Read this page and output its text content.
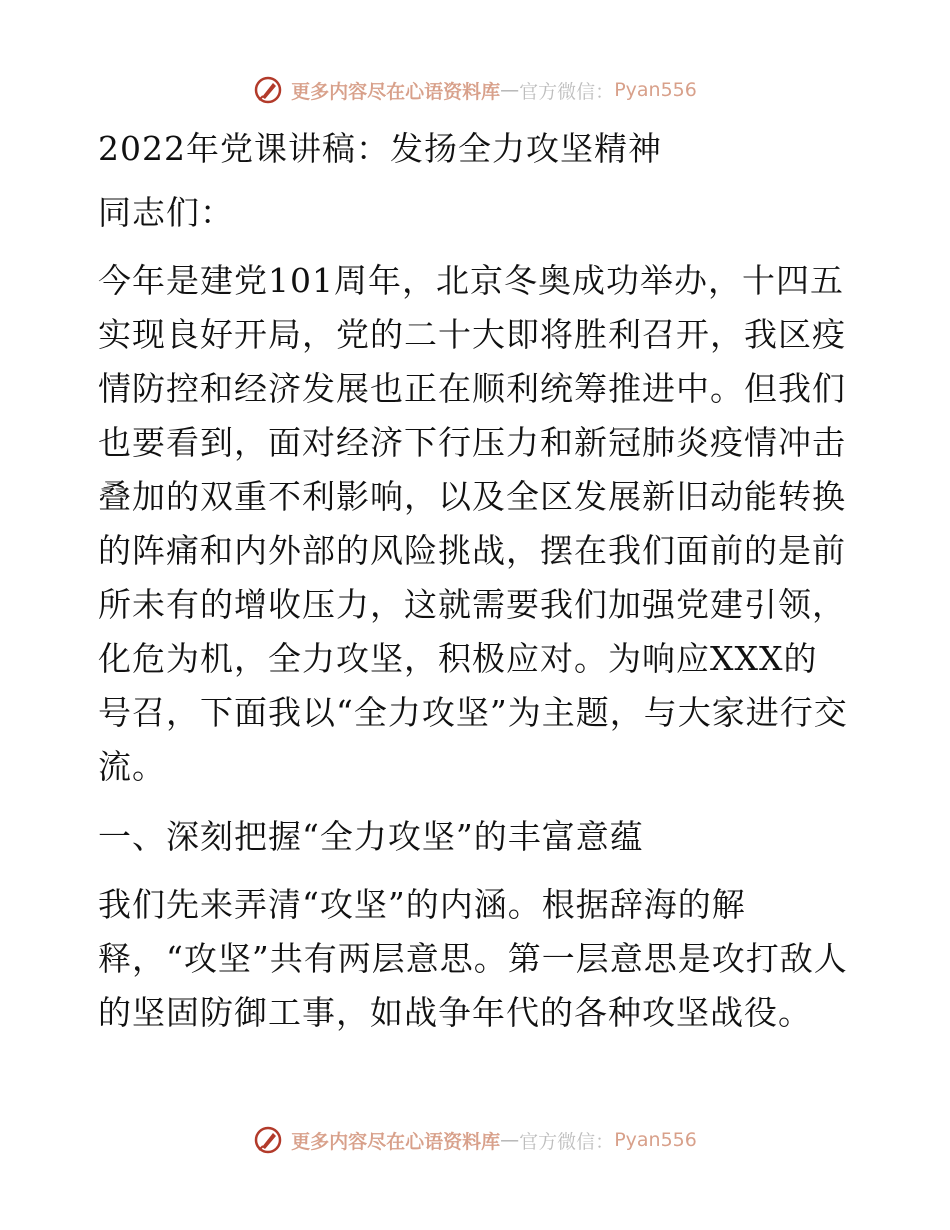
更多内容尽在心语资料库 — 官方微信： Pyan556

2022年党课讲稿：发扬全力攻坚精神

同志们：

今年是建党101周年，北京冬奥成功举办，十四五实现良好开局，党的二十大即将胜利召开，我区疫情防控和经济发展也正在顺利统筹推进中。但我们也要看到，面对经济下行压力和新冠肺炎疫情冲击叠加的双重不利影响，以及全区发展新旧动能转换的阵痛和内外部的风险挑战，摆在我们面前的是前所未有的增收压力，这就需要我们加强党建引领，化危为机，全力攻坚，积极应对。为响应XXX的号召，下面我以“全力攻坚”为主题，与大家进行交流。

一、深刻把握“全力攻坚”的丰富意蕴

我们先来弄清“攻坚”的内涵。根据辞海的解释，“攻坚”共有两层意思。第一层意思是攻打敌人的坚固防御工事，如战争年代的各种攻坚战役。

更多内容尽在心语资料库 — 官方微信： Pyan556
